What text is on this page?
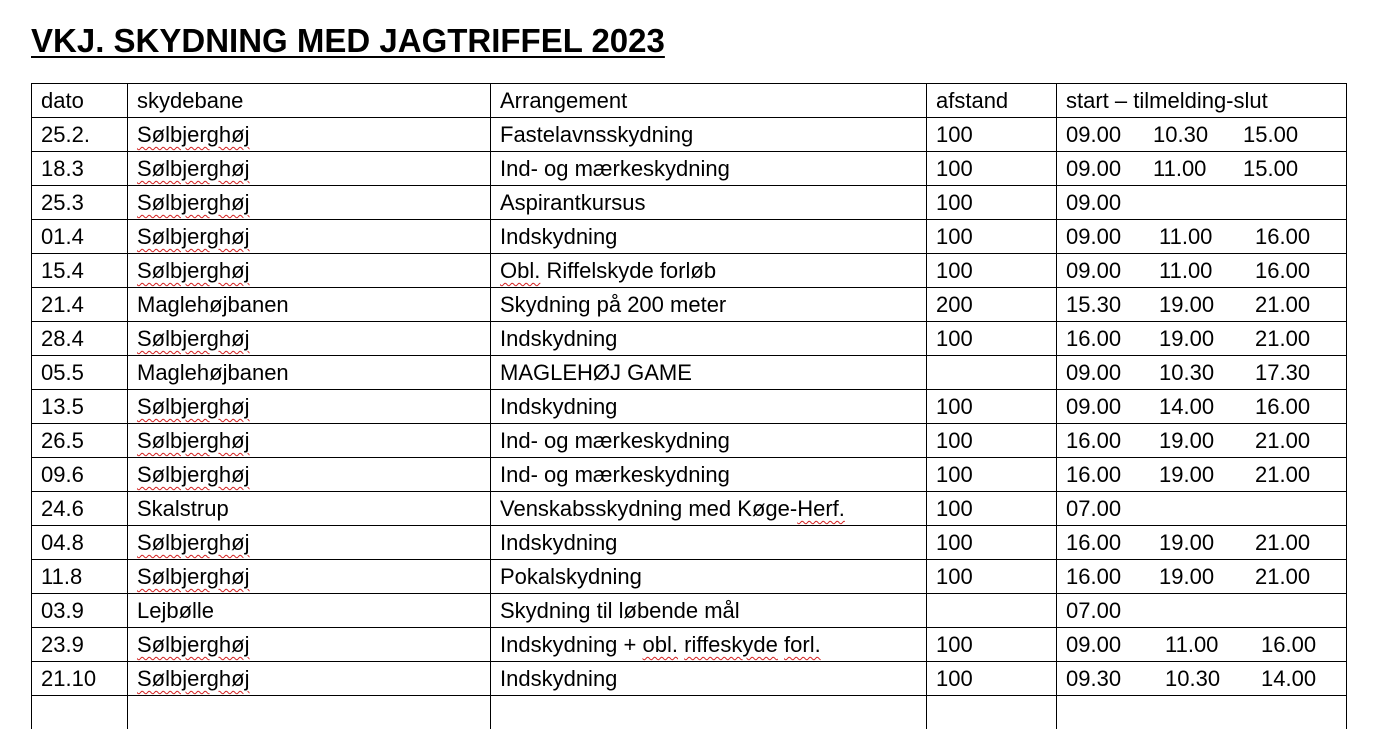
VKJ. SKYDNING MED JAGTRIFFEL 2023
dato	skydebane	Arrangement	afstand	start – tilmelding-slut
25.2.	Sølbjerghøj	Fastelavnsskydning	100	09.00 10.30 15.00
18.3	Sølbjerghøj	Ind- og mærkeskydning	100	09.00 11.00 15.00
25.3	Sølbjerghøj	Aspirantkursus	100	09.00
01.4	Sølbjerghøj	Indskydning	100	09.00 11.00 16.00
15.4	Sølbjerghøj	Obl. Riffelskyde forløb	100	09.00 11.00 16.00
21.4	Maglehøjbanen	Skydning på 200 meter	200	15.30 19.00 21.00
28.4	Sølbjerghøj	Indskydning	100	16.00 19.00 21.00
05.5	Maglehøjbanen	MAGLEHØJ GAME		09.00 10.30 17.30
13.5	Sølbjerghøj	Indskydning	100	09.00 14.00 16.00
26.5	Sølbjerghøj	Ind- og mærkeskydning	100	16.00 19.00 21.00
09.6	Sølbjerghøj	Ind- og mærkeskydning	100	16.00 19.00 21.00
24.6	Skalstrup	Venskabsskydning med Køge-Herf.	100	07.00
04.8	Sølbjerghøj	Indskydning	100	16.00 19.00 21.00
11.8	Sølbjerghøj	Pokalskydning	100	16.00 19.00 21.00
03.9	Lejbølle	Skydning til løbende mål		07.00
23.9	Sølbjerghøj	Indskydning + obl. riffeskyde forl.	100	09.00 11.00 16.00
21.10	Sølbjerghøj	Indskydning	100	09.30 10.30 14.00
